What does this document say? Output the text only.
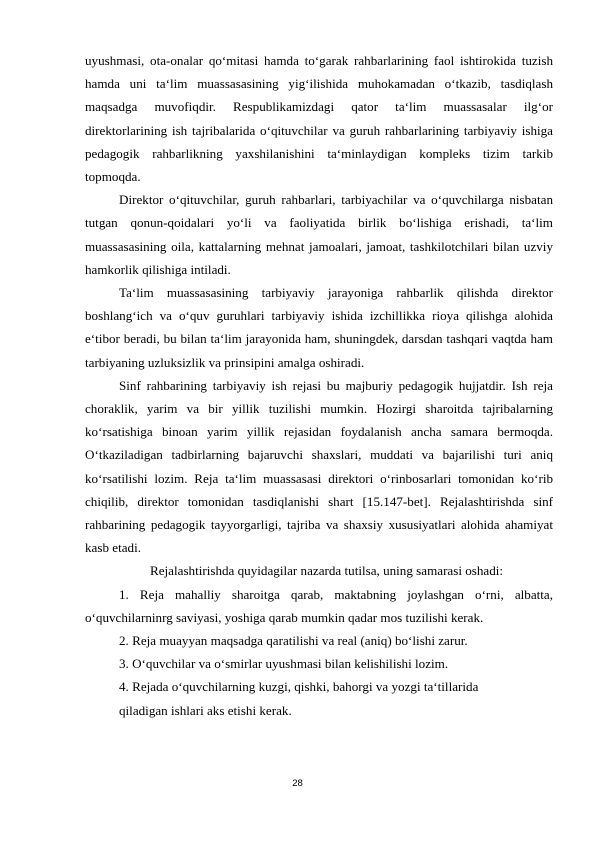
uyushmasi, ota-onalar qo‘mitasi hamda to‘garak rahbarlarining faol ishtirokida tuzish hamda uni ta‘lim muassasasining yig‘ilishida muhokamadan o‘tkazib, tasdiqlash maqsadga muvofiqdir. Respublikamizdagi qator ta‘lim muassasalar ilg‘or direktorlarining ish tajribalarida o‘qituvchilar va guruh rahbarlarining tarbiyaviy ishiga pedagogik rahbarlikning yaxshilanishini ta‘minlaydigan kompleks tizim tarkib topmoqda.

Direktor o‘qituvchilar, guruh rahbarlari, tarbiyachilar va o‘quvchilarga nisbatan tutgan qonun-qoidalari yo‘li va faoliyatida birlik bo‘lishiga erishadi, ta‘lim muassasasining oila, kattalarning mehnat jamoalari, jamoat, tashkilotchilari bilan uzviy hamkorlik qilishiga intiladi.

Ta‘lim muassasasining tarbiyaviy jarayoniga rahbarlik qilishda direktor boshlang‘ich va o‘quv guruhlari tarbiyaviy ishida izchillikka rioya qilishga alohida e‘tibor beradi, bu bilan ta‘lim jarayonida ham, shuningdek, darsdan tashqari vaqtda ham tarbiyaning uzluksizlik va prinsipini amalga oshiradi.

Sinf rahbarining tarbiyaviy ish rejasi bu majburiy pedagogik hujjatdir. Ish reja choraklik, yarim va bir yillik tuzilishi mumkin. Hozirgi sharoitda tajribalarning ko‘rsatishiga binoan yarim yillik rejasidan foydalanish ancha samara bermoqda. O‘tkaziladigan tadbirlarning bajaruvchi shaxslari, muddati va bajarilishi turi aniq ko‘rsatilishi lozim. Reja ta‘lim muassasasi direktori o‘rinbosarlari tomonidan ko‘rib chiqilib, direktor tomonidan tasdiqlanishi shart [15.147-bet]. Rejalashtirishda sinf rahbarining pedagogik tayyorgarligi, tajriba va shaxsiy xususiyatlari alohida ahamiyat kasb etadi.

Rejalashtirishda quyidagilar nazarda tutilsa, uning samarasi oshadi:

1. Reja mahalliy sharoitga qarab, maktabning joylashgan o‘rni, albatta, o‘quvchilarninrg saviyasi, yoshiga qarab mumkin qadar mos tuzilishi kerak.

2. Reja muayyan maqsadga qaratilishi va real (aniq) bo‘lishi zarur.

3. O‘quvchilar va o‘smirlar uyushmasi bilan kelishilishi lozim.

4. Rejada o‘quvchilarning kuzgi, qishki, bahorgi va yozgi ta‘tillarida

qiladigan ishlari aks etishi kerak.

28
